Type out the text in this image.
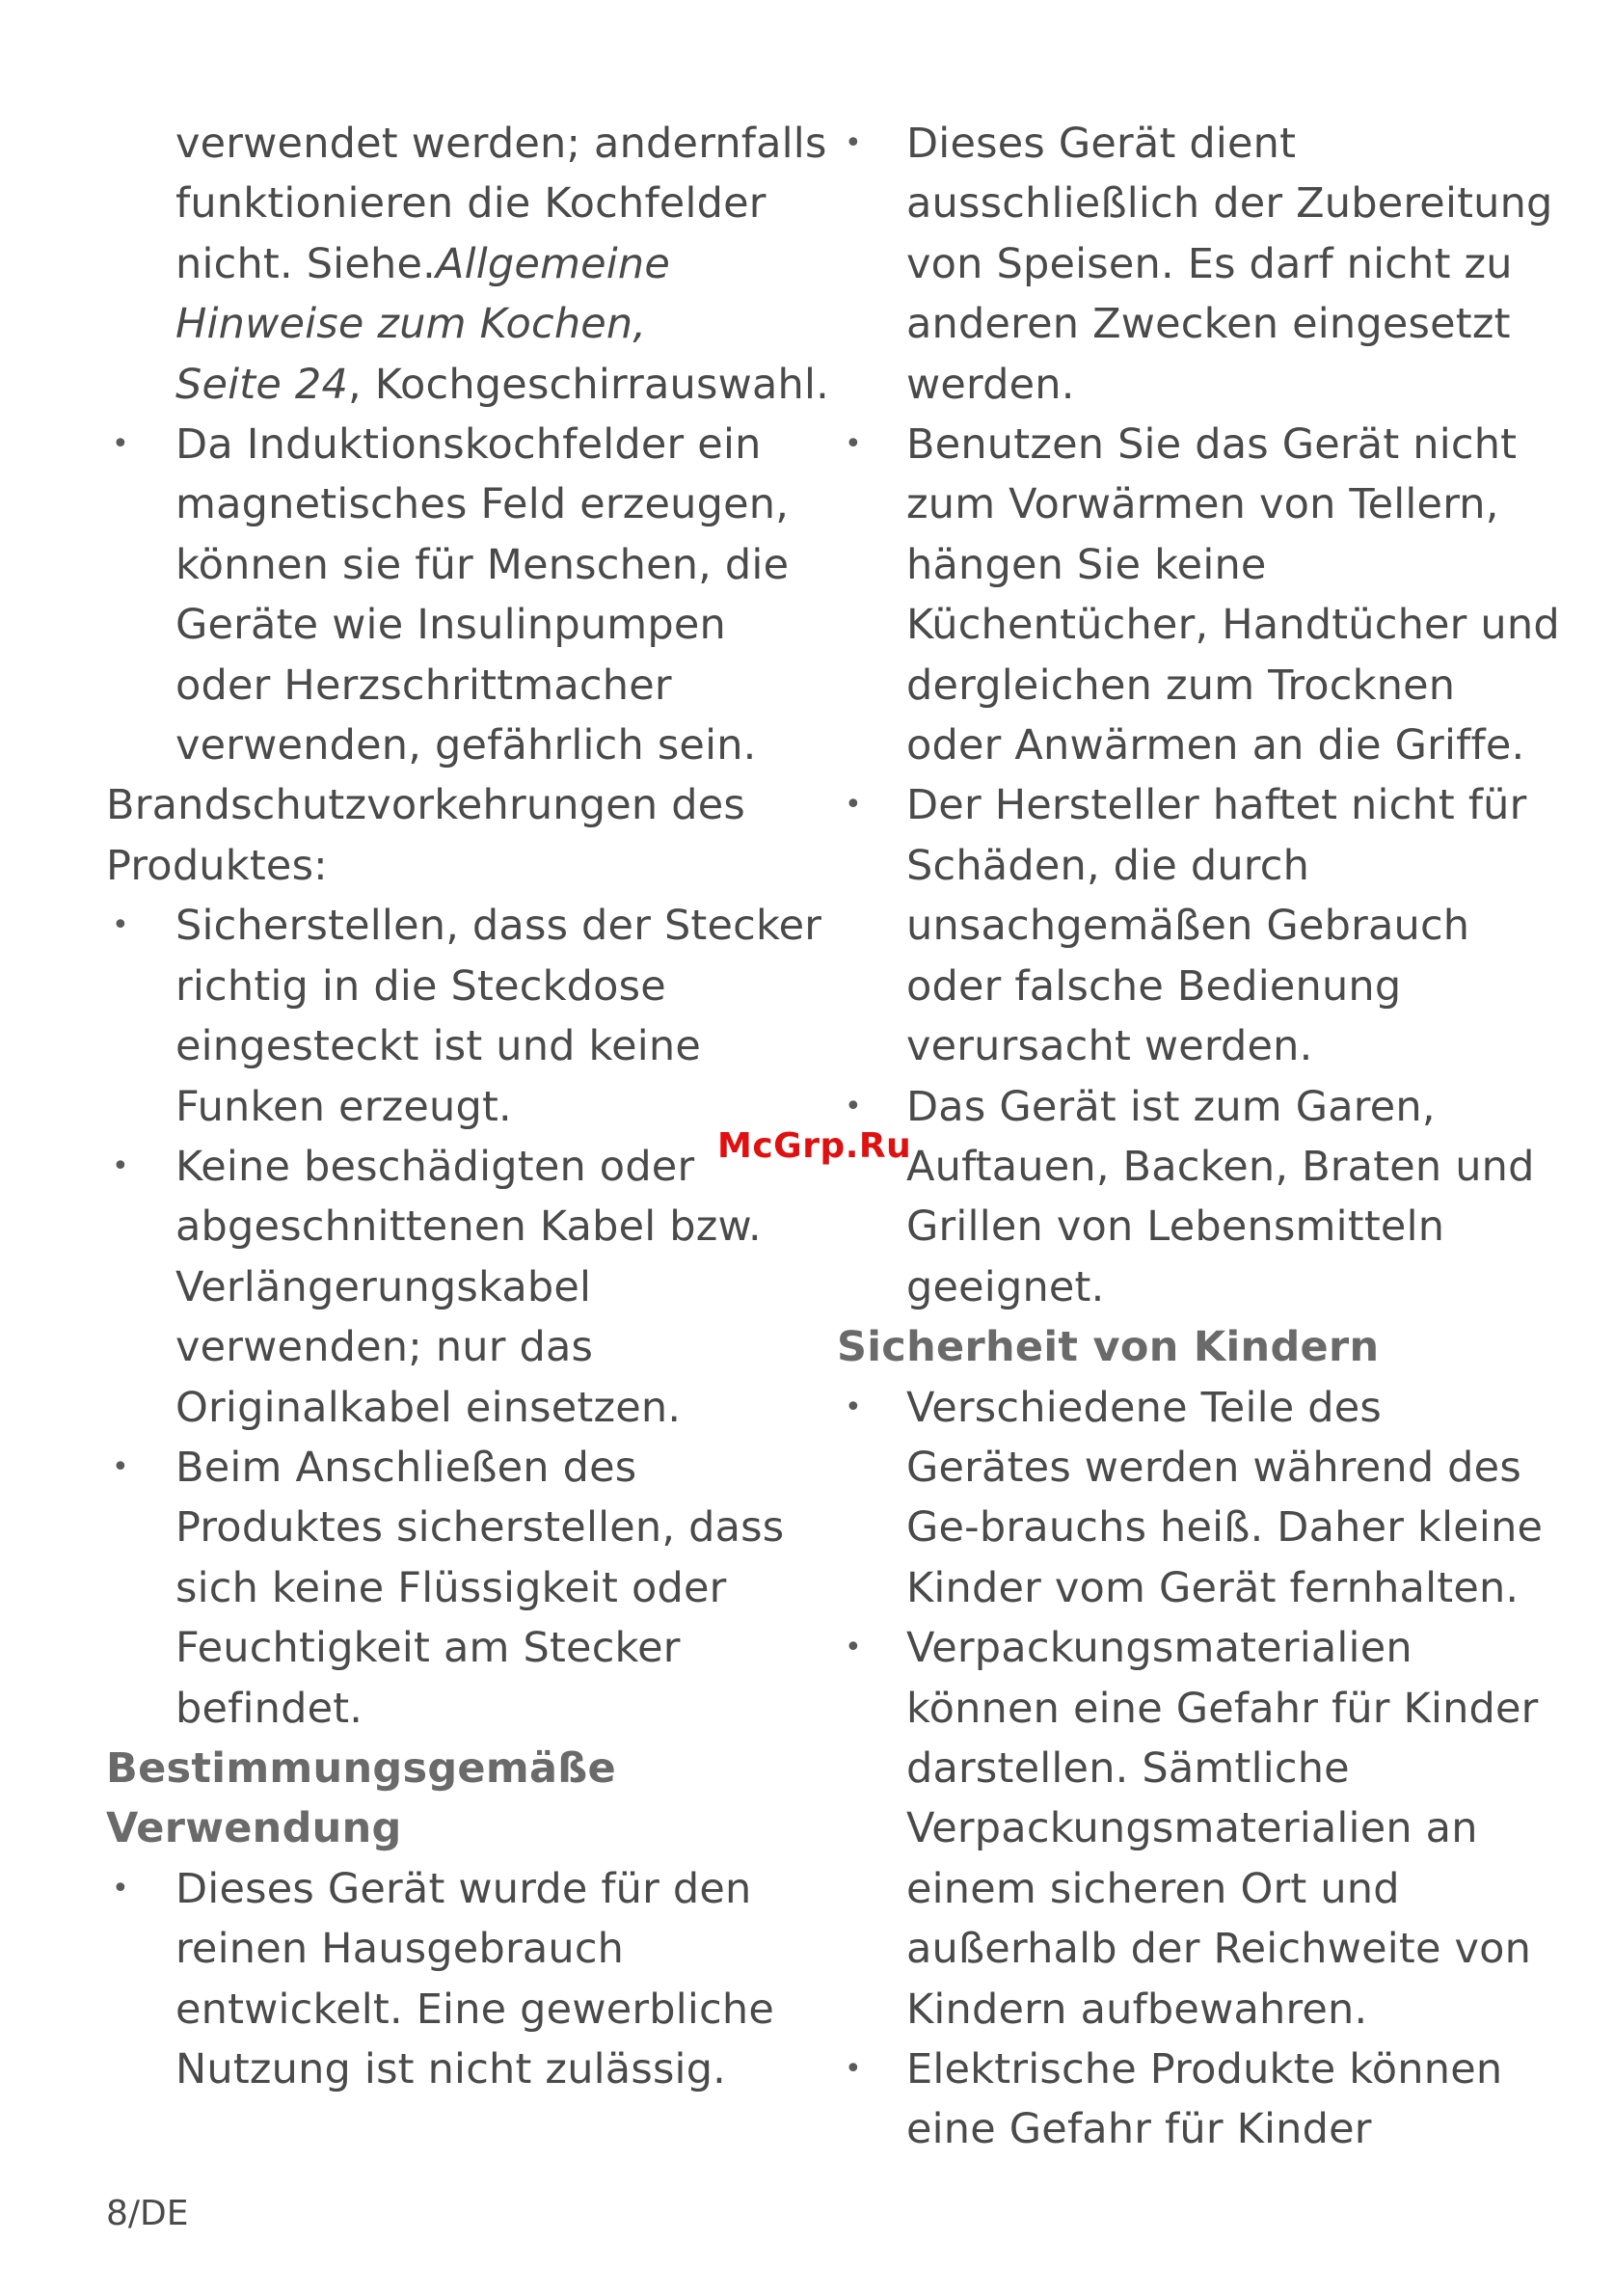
verwendet werden; andernfalls
funktionieren die Kochfelder
nicht. Siehe.Allgemeine
Hinweise zum Kochen,
Seite 24, Kochgeschirrauswahl.
Da Induktionskochfelder ein
magnetisches Feld erzeugen,
können sie für Menschen, die
Geräte wie Insulinpumpen
oder Herzschrittmacher
verwenden, gefährlich sein.
Brandschutzvorkehrungen des
Produktes:
Sicherstellen, dass der Stecker
richtig in die Steckdose
eingesteckt ist und keine
Funken erzeugt.
Keine beschädigten oder
abgeschnittenen Kabel bzw.
Verlängerungskabel
verwenden; nur das
Originalkabel einsetzen.
Beim Anschließen des
Produktes sicherstellen, dass
sich keine Flüssigkeit oder
Feuchtigkeit am Stecker
befindet.
Bestimmungsgemäße
Verwendung
Dieses Gerät wurde für den
reinen Hausgebrauch
entwickelt. Eine gewerbliche
Nutzung ist nicht zulässig.
Dieses Gerät dient
ausschließlich der Zubereitung
von Speisen. Es darf nicht zu
anderen Zwecken eingesetzt
werden.
Benutzen Sie das Gerät nicht
zum Vorwärmen von Tellern,
hängen Sie keine
Küchentücher, Handtücher und
dergleichen zum Trocknen
oder Anwärmen an die Griffe.
Der Hersteller haftet nicht für
Schäden, die durch
unsachgemäßen Gebrauch
oder falsche Bedienung
verursacht werden.
Das Gerät ist zum Garen,
Auftauen, Backen, Braten und
Grillen von Lebensmitteln
geeignet.
Sicherheit von Kindern
Verschiedene Teile des
Gerätes werden während des
Ge-brauchs heiß. Daher kleine
Kinder vom Gerät fernhalten.
Verpackungsmaterialien
können eine Gefahr für Kinder
darstellen. Sämtliche
Verpackungsmaterialien an
einem sicheren Ort und
außerhalb der Reichweite von
Kindern aufbewahren.
Elektrische Produkte können
eine Gefahr für Kinder
McGrp.Ru
8/DE
